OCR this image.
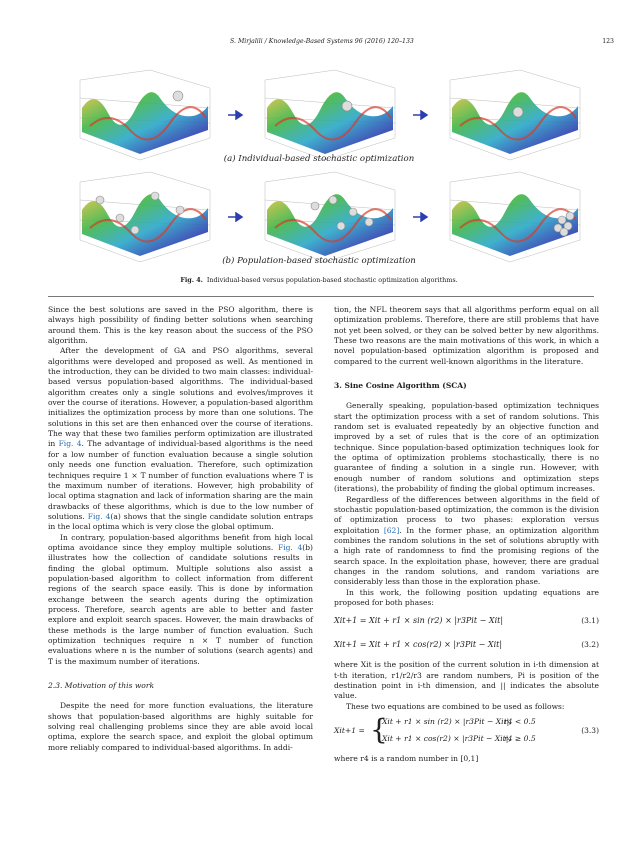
S. Mirjalili / Knowledge-Based Systems 96 (2016) 120–133	123
(a) Individual-based stochastic optimization
(b) Population-based stochastic optimization
Fig. 4. Individual-based versus population-based stochastic optimization algorithms.

Since the best solutions are saved in the PSO algorithm, there is always high possibility of finding better solutions when searching around them. This is the key reason about the success of the PSO algorithm.

After the development of GA and PSO algorithms, several algorithms were developed and proposed as well. As mentioned in the introduction, they can be divided to two main classes: individual-based versus population-based algorithms. The individual-based algorithm creates only a single solutions and evolves/improves it over the course of iterations. However, a population-based algorithm initializes the optimization process by more than one solutions. The solutions in this set are then enhanced over the course of iterations. The way that these two families perform optimization are illustrated in Fig. 4. The advantage of individual-based algorithms is the need for a low number of function evaluation because a single solution only needs one function evaluation. Therefore, such optimization techniques require 1 × T number of function evaluations where T is the maximum number of iterations. However, high probability of local optima stagnation and lack of information sharing are the main drawbacks of these algorithms, which is due to the low number of solutions. Fig. 4(a) shows that the single candidate solution entraps in the local optima which is very close the global optimum.

In contrary, population-based algorithms benefit from high local optima avoidance since they employ multiple solutions. Fig. 4(b) illustrates how the collection of candidate solutions results in finding the global optimum. Multiple solutions also assist a population-based algorithm to collect information from different regions of the search space easily. This is done by information exchange between the search agents during the optimization process. Therefore, search agents are able to better and faster explore and exploit search spaces. However, the main drawbacks of these methods is the large number of function evaluation. Such optimization techniques require n × T number of function evaluations where n is the number of solutions (search agents) and T is the maximum number of iterations.

2.3. Motivation of this work

Despite the need for more function evaluations, the literature shows that population-based algorithms are highly suitable for solving real challenging problems since they are able avoid local optima, explore the search space, and exploit the global optimum more reliably compared to individual-based algorithms. In addi-

tion, the NFL theorem says that all algorithms perform equal on all optimization problems. Therefore, there are still problems that have not yet been solved, or they can be solved better by new algorithms. These two reasons are the main motivations of this work, in which a novel population-based optimization algorithm is proposed and compared to the current well-known algorithms in the literature.

3. Sine Cosine Algorithm (SCA)

Generally speaking, population-based optimization techniques start the optimization process with a set of random solutions. This random set is evaluated repeatedly by an objective function and improved by a set of rules that is the core of an optimization technique. Since population-based optimization techniques look for the optima of optimization problems stochastically, there is no guarantee of finding a solution in a single run. However, with enough number of random solutions and optimization steps (iterations), the probability of finding the global optimum increases.

Regardless of the differences between algorithms in the field of stochastic population-based optimization, the common is the division of optimization process to two phases: exploration versus exploitation [62]. In the former phase, an optimization algorithm combines the random solutions in the set of solutions abruptly with a high rate of randomness to find the promising regions of the search space. In the exploitation phase, however, there are gradual changes in the random solutions, and random variations are considerably less than those in the exploration phase.

In this work, the following position updating equations are proposed for both phases:

Xit+1 = Xit + r1 × sin (r2) × |r3Pit − Xit|	(3.1)
Xit+1 = Xit + r1 × cos(r2) × |r3Pit − Xit|	(3.2)

where Xit is the position of the current solution in i-th dimension at t-th iteration, r1/r2/r3 are random numbers, Pi is position of the destination point in i-th dimension, and || indicates the absolute value.

These two equations are combined to be used as follows:

Xit+1 = {
Xit + r1 × sin (r2) × |r3Pit − Xit|,
r4 < 0.5
Xit + r1 × cos(r2) × |r3Pit − Xit|,
r4 ≥ 0.5
(3.3)

where r4 is a random number in [0,1]
